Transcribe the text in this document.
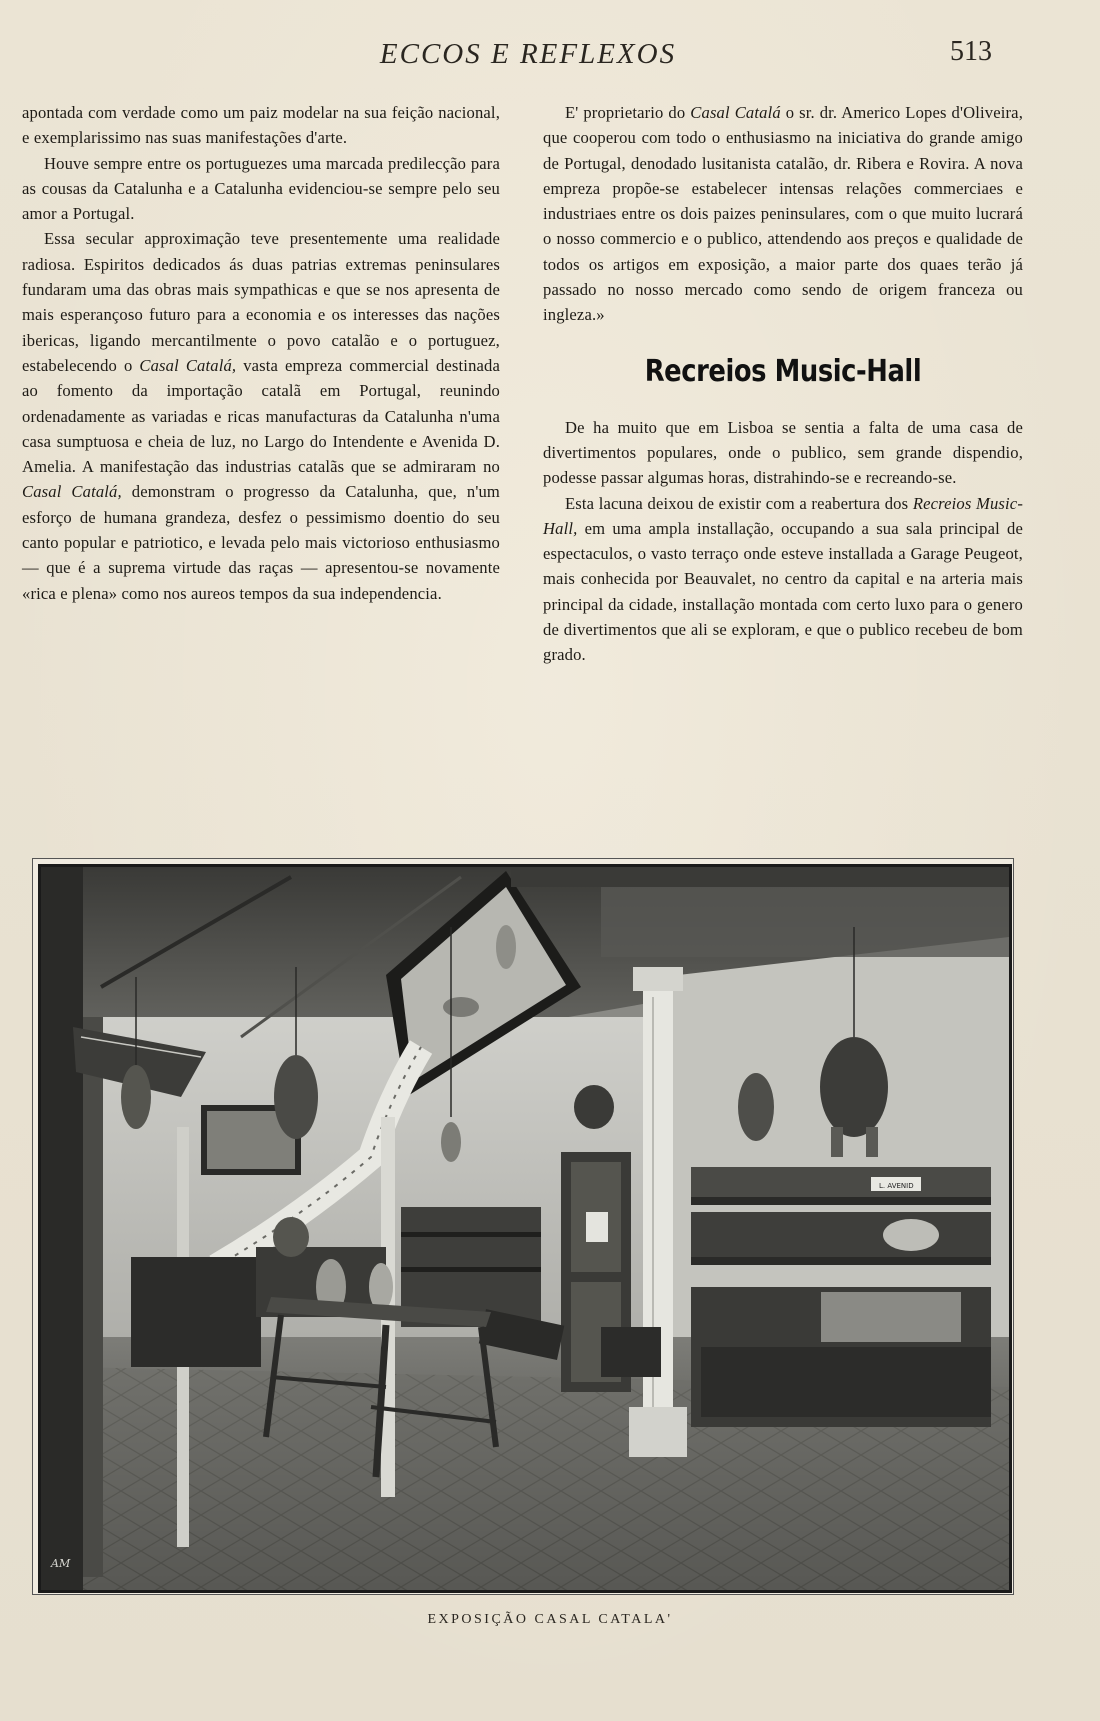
ECCOS E REFLEXOS	513

apontada com verdade como um paiz modelar na sua feição nacional, e exemplarissimo nas suas manifestações d'arte.

Houve sempre entre os portuguezes uma marcada predilecção para as cousas da Catalunha e a Catalunha evidenciou-se sempre pelo seu amor a Portugal.

Essa secular approximação teve presentemente uma realidade radiosa. Espiritos dedicados ás duas patrias extremas peninsulares fundaram uma das obras mais sympathicas e que se nos apresenta de mais esperançoso futuro para a economia e os interesses das nações ibericas, ligando mercantilmente o povo catalão e o portuguez, estabelecendo o Casal Catalá, vasta empreza commercial destinada ao fomento da importação catalã em Portugal, reunindo ordenadamente as variadas e ricas manufacturas da Catalunha n'uma casa sumptuosa e cheia de luz, no Largo do Intendente e Avenida D. Amelia. A manifestação das industrias catalãs que se admiraram no Casal Catalá, demonstram o progresso da Catalunha, que, n'um esforço de humana grandeza, desfez o pessimismo doentio do seu canto popular e patriotico, e levada pelo mais victorioso enthusiasmo — que é a suprema virtude das raças — apresentou-se novamente «rica e plena» como nos aureos tempos da sua independencia.

E' proprietario do Casal Catalá o sr. dr. Americo Lopes d'Oliveira, que cooperou com todo o enthusiasmo na iniciativa do grande amigo de Portugal, denodado lusitanista catalão, dr. Ribera e Rovira. A nova empreza propõe-se estabelecer intensas relações commerciaes e industriaes entre os dois paizes peninsulares, com o que muito lucrará o nosso commercio e o publico, attendendo aos preços e qualidade de todos os artigos em exposição, a maior parte dos quaes terão já passado no nosso mercado como sendo de origem franceza ou ingleza.»

Recreios Music-Hall

De ha muito que em Lisboa se sentia a falta de uma casa de divertimentos populares, onde o publico, sem grande dispendio, podesse passar algumas horas, distrahindo-se e recreando-se.

Esta lacuna deixou de existir com a reabertura dos Recreios Music-Hall, em uma ampla installação, occupando a sua sala principal de espectaculos, o vasto terraço onde esteve installada a Garage Peugeot, mais conhecida por Beauvalet, no centro da capital e na arteria mais principal da cidade, installação montada com certo luxo para o genero de divertimentos que ali se exploram, e que o publico recebeu de bom grado.

L. AVENID
AM
EXPOSIÇÃO CASAL CATALA'
